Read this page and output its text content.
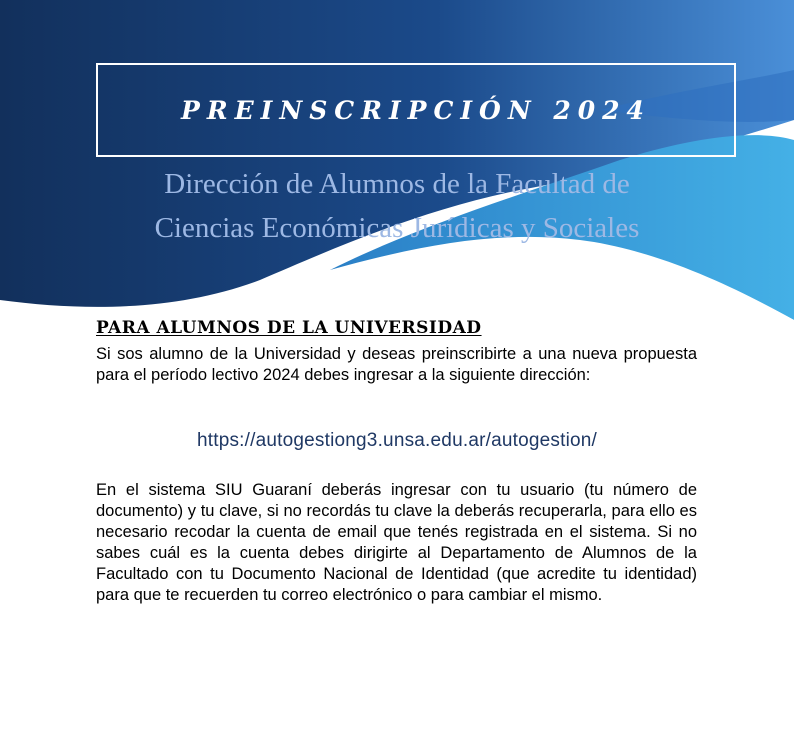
PREINSCRIPCIÓN 2024
Dirección de Alumnos de la Facultad de
Ciencias Económicas Jurídicas y Sociales
PARA ALUMNOS DE LA UNIVERSIDAD
Si sos alumno de la Universidad y deseas preinscribirte a una nueva propuesta para el período lectivo 2024 debes ingresar a la siguiente dirección:
https://autogestiong3.unsa.edu.ar/autogestion/
En el sistema SIU Guaraní deberás ingresar con tu usuario (tu número de documento) y tu clave, si no recordás tu clave la deberás recuperarla, para ello es necesario recodar la cuenta de email que tenés registrada en el sistema. Si no sabes cuál es la cuenta debes dirigirte al Departamento de Alumnos de la Facultado con tu Documento Nacional de Identidad (que acredite tu identidad) para que te recuerden tu correo electrónico o para cambiar el mismo.
